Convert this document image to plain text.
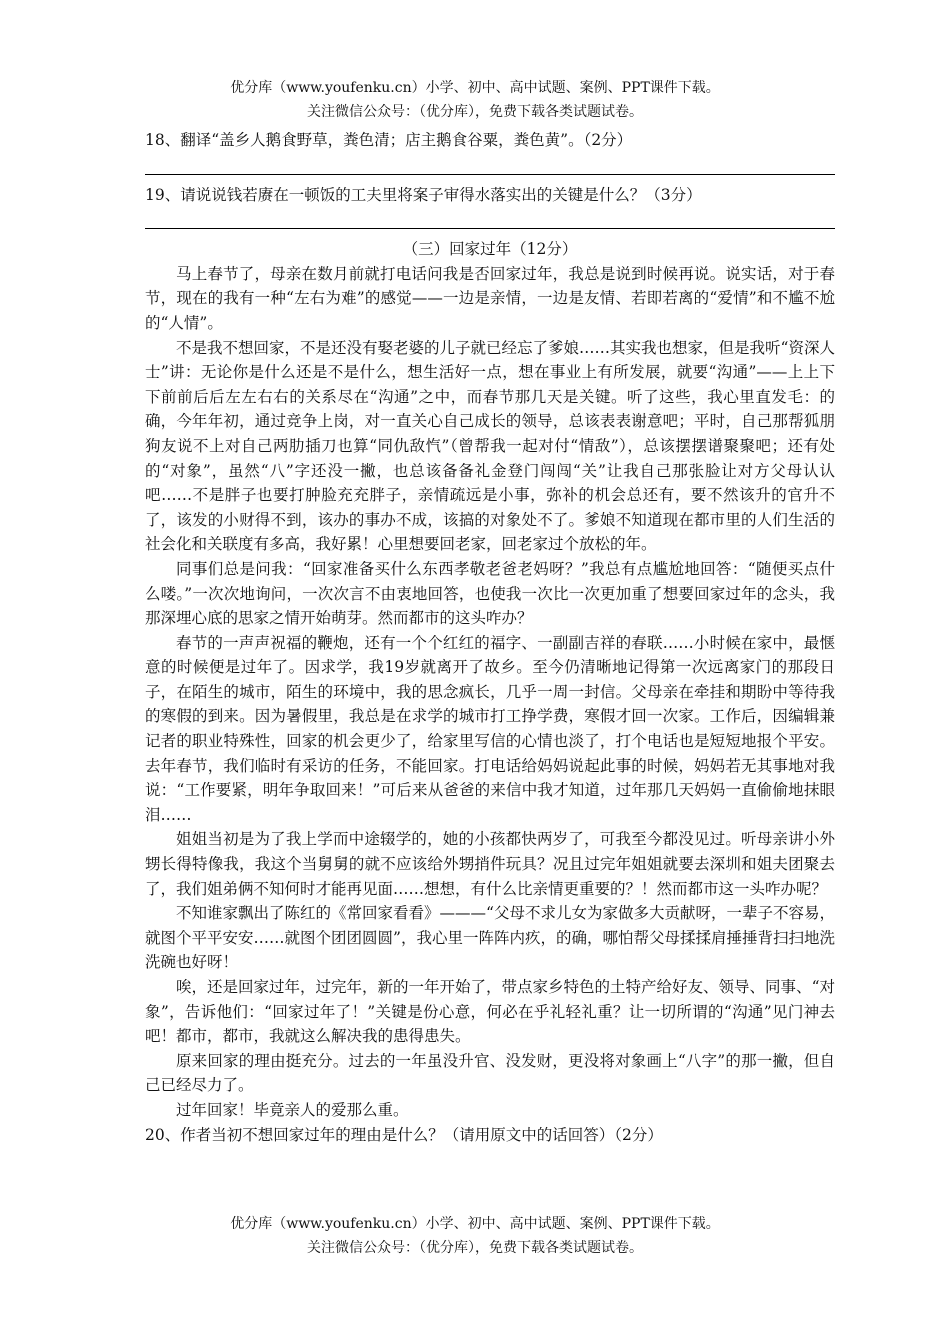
优分库（www.youfenku.cn）小学、初中、高中试题、案例、PPT课件下载。
关注微信公众号：（优分库），免费下载各类试题试卷。

18、翻译“盖乡人鹅食野草，粪色清；店主鹅食谷粟，粪色黄”。（2分）

19、请说说钱若赓在一顿饭的工夫里将案子审得水落实出的关键是什么？（3分）

（三）回家过年（12分）

马上春节了，母亲在数月前就打电话问我是否回家过年，我总是说到时候再说。说实话，对于春节，现在的我有一种“左右为难”的感觉——一边是亲情，一边是友情、若即若离的“爱情”和不尴不尬的“人情”。

不是我不想回家，不是还没有娶老婆的儿子就已经忘了爹娘……其实我也想家，但是我听“资深人士”讲：无论你是什么还是不是什么，想生活好一点，想在事业上有所发展，就要“沟通”——上上下下前前后后左左右右的关系尽在“沟通”之中，而春节那几天是关键。听了这些，我心里直发毛：的确，今年年初，通过竞争上岗，对一直关心自己成长的领导，总该表表谢意吧；平时，自己那帮狐朋狗友说不上对自己两肋插刀也算“同仇敌忾”（曾帮我一起对付“情敌”），总该摆摆谱聚聚吧；还有处的“对象”，虽然“八”字还没一撇，也总该备备礼金登门闯闯“关”让我自己那张脸让对方父母认认吧……不是胖子也要打肿脸充充胖子，亲情疏远是小事，弥补的机会总还有，要不然该升的官升不了，该发的小财得不到，该办的事办不成，该搞的对象处不了。爹娘不知道现在都市里的人们生活的社会化和关联度有多高，我好累！心里想要回老家，回老家过个放松的年。

同事们总是问我：“回家准备买什么东西孝敬老爸老妈呀？”我总有点尴尬地回答：“随便买点什么喽。”一次次地询问，一次次言不由衷地回答，也使我一次比一次更加重了想要回家过年的念头，我那深埋心底的思家之情开始萌芽。然而都市的这头咋办？

春节的一声声祝福的鞭炮，还有一个个红红的福字、一副副吉祥的春联……小时候在家中，最惬意的时候便是过年了。因求学，我19岁就离开了故乡。至今仍清晰地记得第一次远离家门的那段日子，在陌生的城市，陌生的环境中，我的思念疯长，几乎一周一封信。父母亲在牵挂和期盼中等待我的寒假的到来。因为暑假里，我总是在求学的城市打工挣学费，寒假才回一次家。工作后，因编辑兼记者的职业特殊性，回家的机会更少了，给家里写信的心情也淡了，打个电话也是短短地报个平安。去年春节，我们临时有采访的任务，不能回家。打电话给妈妈说起此事的时候，妈妈若无其事地对我说：“工作要紧，明年争取回来！”可后来从爸爸的来信中我才知道，过年那几天妈妈一直偷偷地抹眼泪……

姐姐当初是为了我上学而中途辍学的，她的小孩都快两岁了，可我至今都没见过。听母亲讲小外甥长得特像我，我这个当舅舅的就不应该给外甥捎件玩具？况且过完年姐姐就要去深圳和姐夫团聚去了，我们姐弟俩不知何时才能再见面……想想，有什么比亲情更重要的？！然而都市这一头咋办呢？

不知谁家飘出了陈红的《常回家看看》———“父母不求儿女为家做多大贡献呀，一辈子不容易，就图个平平安安……就图个团团圆圆”，我心里一阵阵内疚，的确，哪怕帮父母揉揉肩捶捶背扫扫地洗洗碗也好呀！

唉，还是回家过年，过完年，新的一年开始了，带点家乡特色的土特产给好友、领导、同事、“对象”，告诉他们：“回家过年了！”关键是份心意，何必在乎礼轻礼重？让一切所谓的“沟通”见门神去吧！都市，都市，我就这么解决我的患得患失。

原来回家的理由挺充分。过去的一年虽没升官、没发财，更没将对象画上“八字”的那一撇，但自己已经尽力了。

过年回家！毕竟亲人的爱那么重。

20、作者当初不想回家过年的理由是什么？（请用原文中的话回答）（2分）

优分库（www.youfenku.cn）小学、初中、高中试题、案例、PPT课件下载。
关注微信公众号：（优分库），免费下载各类试题试卷。
